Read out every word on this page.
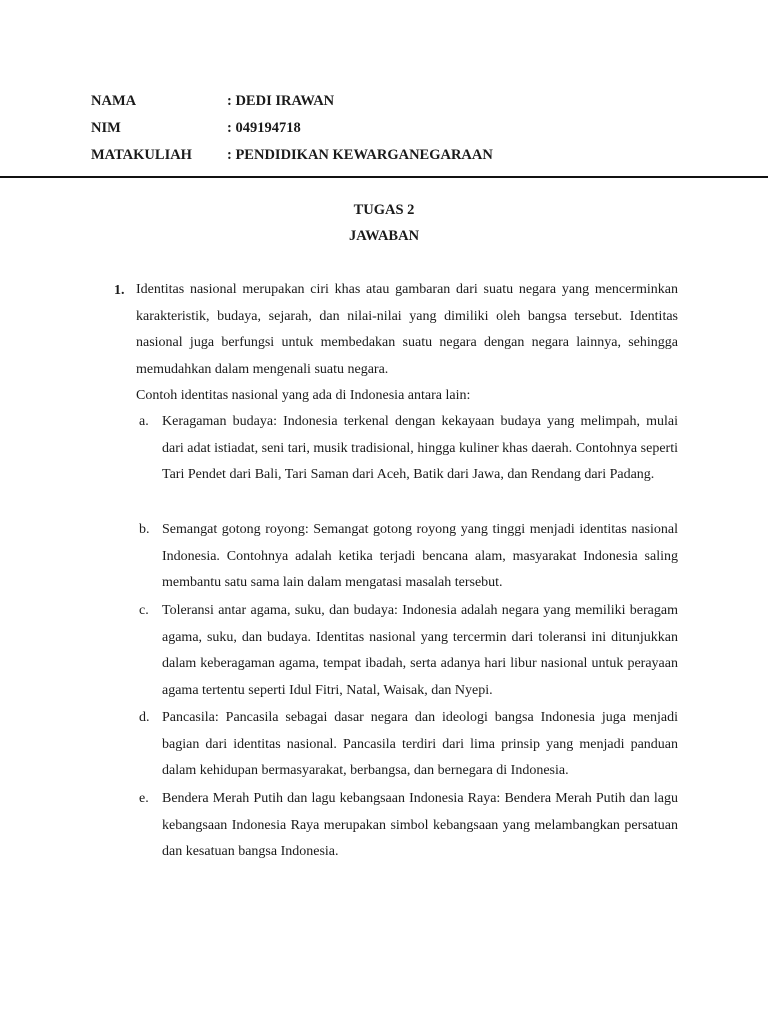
NAMA	: DEDI IRAWAN
NIM	: 049194718
MATAKULIAH : PENDIDIKAN KEWARGANEGARAAN
TUGAS 2
JAWABAN
1. Identitas nasional merupakan ciri khas atau gambaran dari suatu negara yang mencerminkan karakteristik, budaya, sejarah, dan nilai-nilai yang dimiliki oleh bangsa tersebut. Identitas nasional juga berfungsi untuk membedakan suatu negara dengan negara lainnya, sehingga memudahkan dalam mengenali suatu negara.

Contoh identitas nasional yang ada di Indonesia antara lain:

a. Keragaman budaya: Indonesia terkenal dengan kekayaan budaya yang melimpah, mulai dari adat istiadat, seni tari, musik tradisional, hingga kuliner khas daerah. Contohnya seperti Tari Pendet dari Bali, Tari Saman dari Aceh, Batik dari Jawa, dan Rendang dari Padang.

b. Semangat gotong royong: Semangat gotong royong yang tinggi menjadi identitas nasional Indonesia. Contohnya adalah ketika terjadi bencana alam, masyarakat Indonesia saling membantu satu sama lain dalam mengatasi masalah tersebut.

c. Toleransi antar agama, suku, dan budaya: Indonesia adalah negara yang memiliki beragam agama, suku, dan budaya. Identitas nasional yang tercermin dari toleransi ini ditunjukkan dalam keberagaman agama, tempat ibadah, serta adanya hari libur nasional untuk perayaan agama tertentu seperti Idul Fitri, Natal, Waisak, dan Nyepi.

d. Pancasila: Pancasila sebagai dasar negara dan ideologi bangsa Indonesia juga menjadi bagian dari identitas nasional. Pancasila terdiri dari lima prinsip yang menjadi panduan dalam kehidupan bermasyarakat, berbangsa, dan bernegara di Indonesia.

e. Bendera Merah Putih dan lagu kebangsaan Indonesia Raya: Bendera Merah Putih dan lagu kebangsaan Indonesia Raya merupakan simbol kebangsaan yang melambangkan persatuan dan kesatuan bangsa Indonesia.
